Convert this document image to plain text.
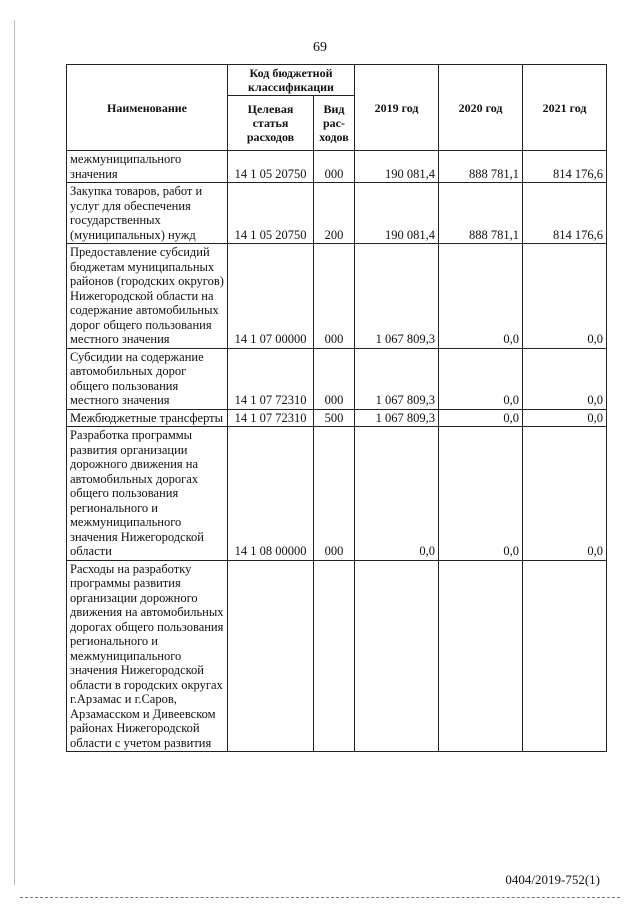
69
Наименование	Код бюджетной классификации		2019 год	2020 год	2021 год
	Целевая статья расходов	Вид рас-ходов			
межмуниципального значения	14 1 05 20750	000	190 081,4	888 781,1	814 176,6
Закупка товаров, работ и услуг для обеспечения государственных (муниципальных) нужд	14 1 05 20750	200	190 081,4	888 781,1	814 176,6
Предоставление субсидий бюджетам муниципальных районов (городских округов) Нижегородской области на содержание автомобильных дорог общего пользования местного значения	14 1 07 00000	000	1 067 809,3	0,0	0,0
Субсидии на содержание автомобильных дорог общего пользования местного значения	14 1 07 72310	000	1 067 809,3	0,0	0,0
Межбюджетные трансферты	14 1 07 72310	500	1 067 809,3	0,0	0,0
Разработка программы развития организации дорожного движения на автомобильных дорогах общего пользования регионального и межмуниципального значения Нижегородской области	14 1 08 00000	000	0,0	0,0	0,0
Расходы на разработку программы развития организации дорожного движения на автомобильных дорогах общего пользования регионального и межмуниципального значения Нижегородской области в городских округах г.Арзамас и г.Саров, Арзамасском и Дивеевском районах Нижегородской области с учетом развития					
0404/2019-752(1)
